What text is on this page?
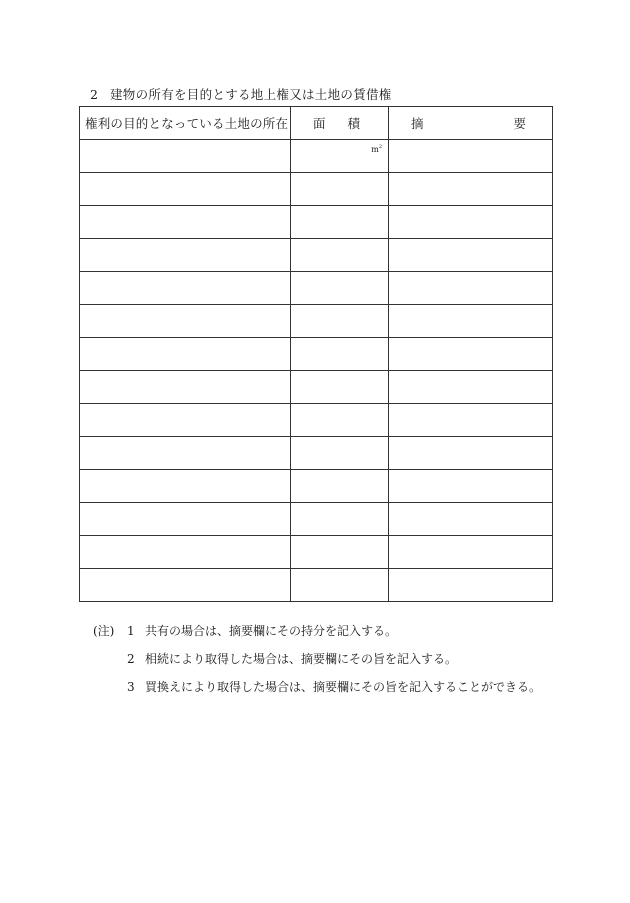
2 建物の所有を目的とする地上権又は土地の賃借権
権利の目的となっている土地の所在	面 積	摘 要

	$m^2$

(注)	1 共有の場合は、摘要欄にその持分を記入する。
2 相続により取得した場合は、摘要欄にその旨を記入する。
3 買換えにより取得した場合は、摘要欄にその旨を記入することができる。
